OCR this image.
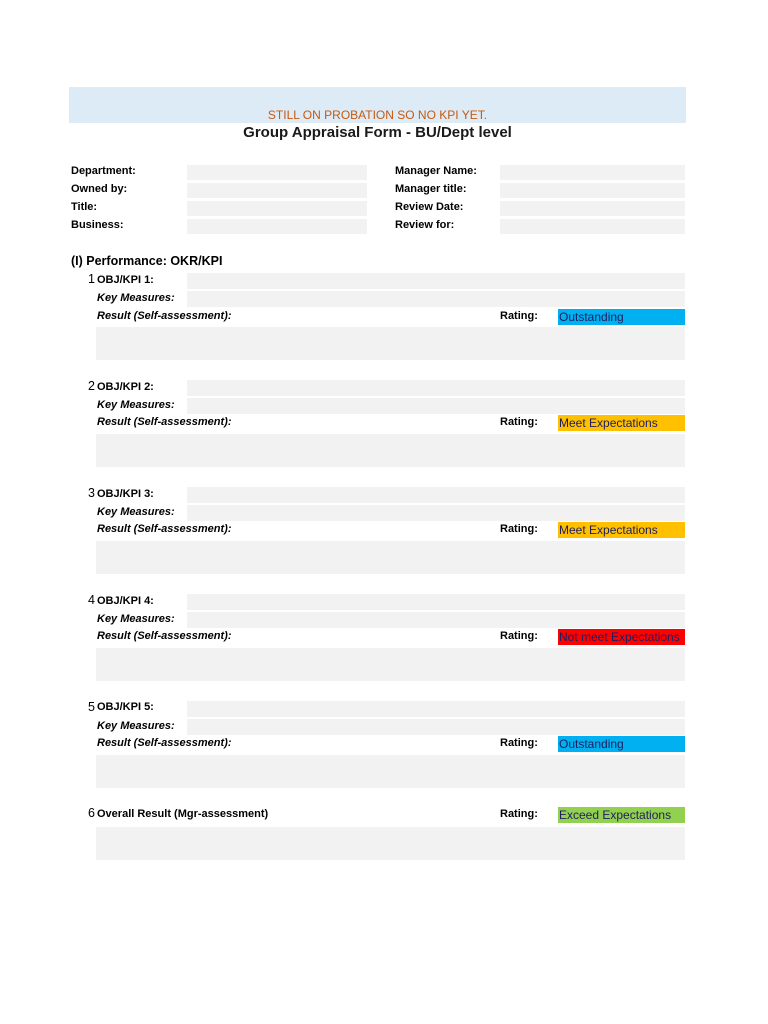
STILL ON PROBATION SO NO KPI YET.
Group Appraisal Form - BU/Dept level
Department:
Owned by:
Title:
Business:
Manager Name:
Manager title:
Review Date:
Review for:
(I) Performance: OKR/KPI
1 OBJ/KPI 1:
Key Measures:
Result (Self-assessment):	Rating: Outstanding
2 OBJ/KPI 2:
Key Measures:
Result (Self-assessment):	Rating: Meet Expectations
3 OBJ/KPI 3:
Key Measures:
Result (Self-assessment):	Rating: Meet Expectations
4 OBJ/KPI 4:
Key Measures:
Result (Self-assessment):	Rating: Not meet Expectations
5 OBJ/KPI 5:
Key Measures:
Result (Self-assessment):	Rating: Outstanding
6 Overall Result (Mgr-assessment)	Rating: Exceed Expectations
